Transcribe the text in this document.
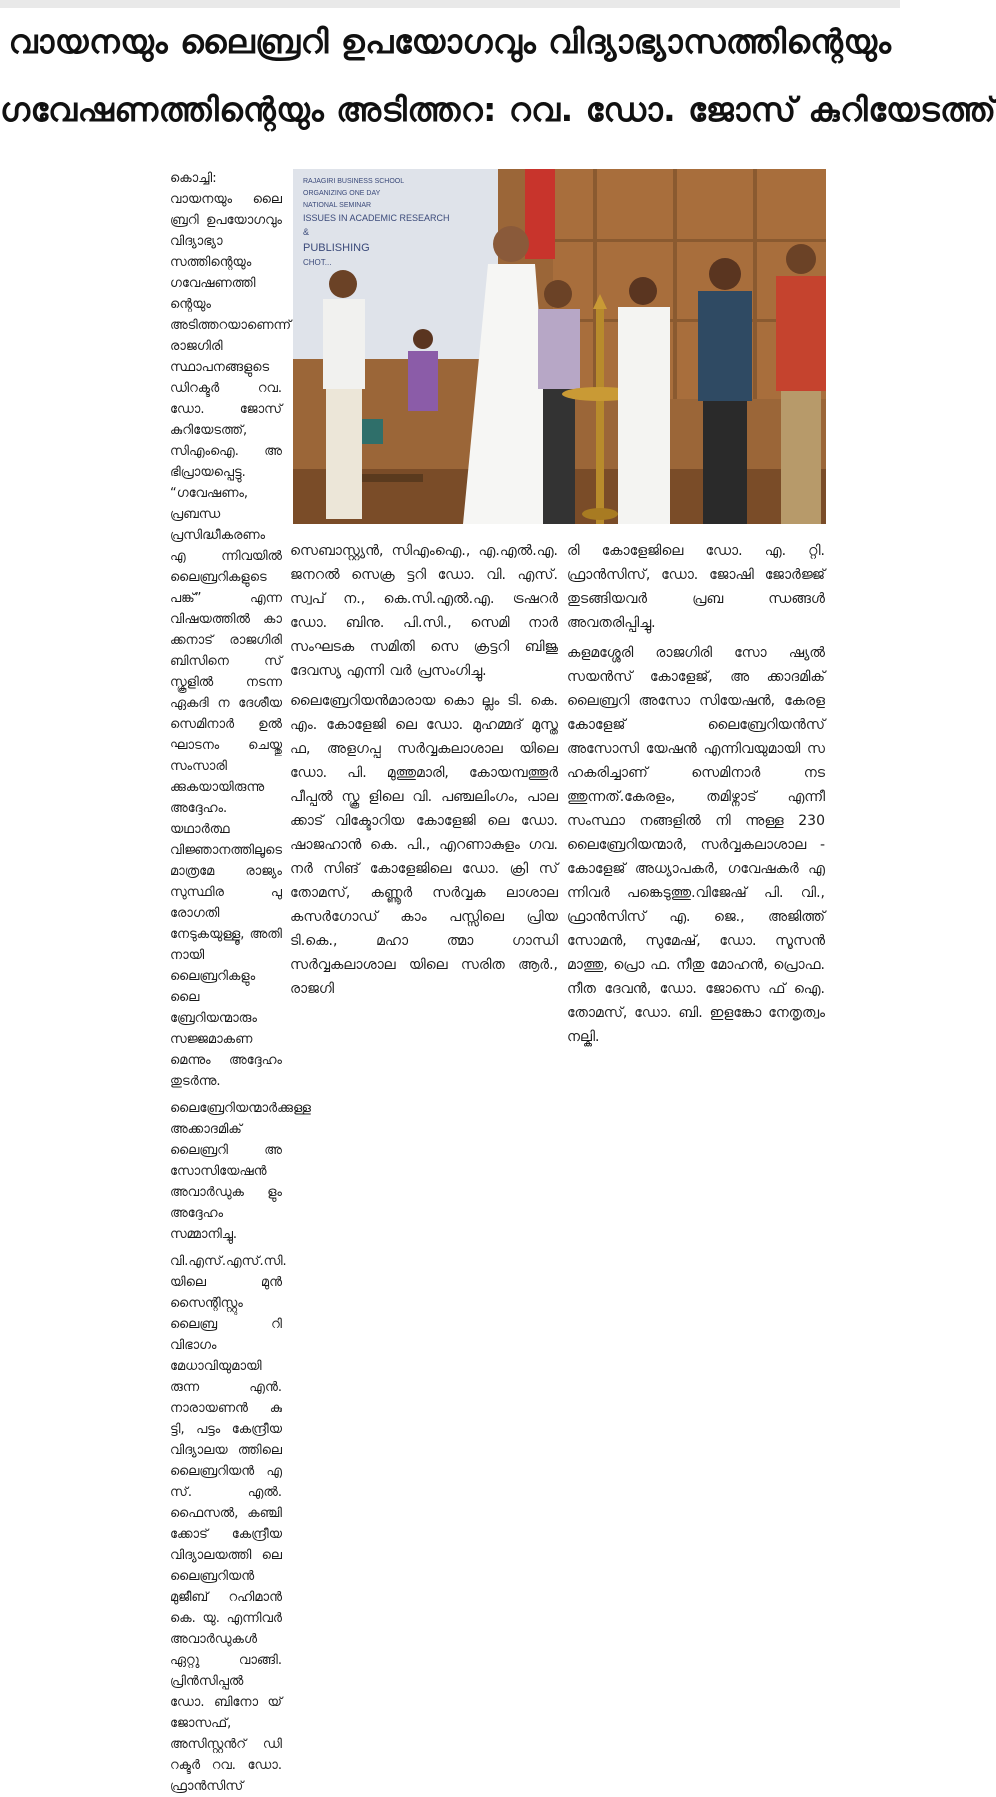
വായനയും ലൈബ്രറി ഉപയോഗവും വിദ്യാഭ്യാസത്തിന്റെയും
ഗവേഷണത്തിന്റെയും അടിത്തറ: റവ. ഡോ. ജോസ് കുറിയേടത്ത്
RAJAGIRI BUSINESS SCHOOL
ORGANIZING ONE DAY
NATIONAL SEMINAR
ISSUES IN ACADEMIC RESEARCH
&
PUBLISHING
CHOT...

കൊച്ചി: വായനയും ലൈ ബ്രറി ഉപയോഗവും വിദ്യാഭ്യാ സത്തിന്റെയും ഗവേഷണത്തി ന്റെയും അടിത്തറയാണെന്ന് രാജഗിരി സ്ഥാപനങ്ങളുടെ ഡിറക്ടർ റവ. ഡോ. ജോസ് കുറിയേടത്ത്, സിഎംഐ. അ ഭിപ്രായപ്പെട്ടു. “ഗവേഷണം, പ്രബന്ധ പ്രസിദ്ധീകരണം എ ന്നിവയിൽ ലൈബ്രറികളുടെ പങ്ക്” എന്ന വിഷയത്തിൽ കാ ക്കനാട് രാജഗിരി ബിസിനെ സ് സ്കൂളിൽ നടന്ന ഏകദി ന ദേശീയ സെമിനാർ ഉൽ ഘാടനം ചെയ്തു സംസാരി ക്കുകയായിരുന്നു അദ്ദേഹം. യഥാർത്ഥ വിജ്ഞാനത്തിലൂടെ മാത്രമേ രാജ്യം സുസ്ഥിര പു രോഗതി നേടുകയുള്ളൂ, അതി നായി ലൈബ്രറികളും ലൈ ബ്രേറിയന്മാരും സജ്ജമാകണ മെന്നും അദ്ദേഹം തുടർന്നു.

ലൈബ്രേറിയന്മാർക്കുള്ള അക്കാദമിക് ലൈബ്രറി അ സോസിയേഷൻ അവാർഡുക ളും അദ്ദേഹം സമ്മാനിച്ചു.

വി.എസ്.എസ്.സി. യിലെ മുൻ സൈന്റിസ്റ്റും ലൈബ്ര റി വിഭാഗം മേധാവിയുമായി രുന്ന എൻ. നാരായണൻ കു ട്ടി, പട്ടം കേന്ദ്രീയ വിദ്യാലയ ത്തിലെ ലൈബ്രറിയൻ എ സ്. എൽ. ഫൈസൽ, കഞ്ചി ക്കോട് കേന്ദ്രീയ വിദ്യാലയത്തി ലെ ലൈബ്രറിയൻ മുജീബ് റഹിമാൻ കെ. യു. എന്നിവർ അവാർഡുകൾ ഏറ്റു വാങ്ങി. പ്രിൻസിപ്പൽ ഡോ. ബിനോ യ് ജോസഫ്, അസിസ്റ്റൻറ് ഡി റക്ടർ റവ. ഡോ. ഫ്രാൻസിസ്

സെബാസ്റ്റ്യൻ, സിഎംഐ., എ.എൽ.എ. ജനറൽ സെക്ര ട്ടറി ഡോ. വി. എസ്. സ്വപ് ന., കെ.സി.എൽ.എ. ട്രഷറർ ഡോ. ബിനു. പി.സി., സെമി നാർ സംഘടക സമിതി സെ ക്രട്ടറി ബിജു ദേവസ്യ എന്നി വർ പ്രസംഗിച്ചു.

ലൈബ്രേറിയൻമാരായ കൊ ല്ലം ടി. കെ. എം. കോളേജി ലെ ഡോ. മുഹമ്മദ് മുസ്ത ഫ, അളഗപ്പ സർവ്വകലാശാല യിലെ ഡോ. പി. മുത്തുമാരി, കോയമ്പത്തൂർ പീപ്പൽ സ്കൂ ളിലെ വി. പഞ്ചലിംഗം, പാല ക്കാട് വിക്ടോറിയ കോളേജി ലെ ഡോ. ഷാജഹാൻ കെ. പി., എറണാകുളം ഗവ. നർ സിങ് കോളേജിലെ ഡോ. ക്രി സ് തോമസ്, കണ്ണൂർ സർവ്വക ലാശാല കസർഗോഡ് കാം പസ്സിലെ പ്രിയ ടി.കെ., മഹാ ത്മാ ഗാന്ധി സർവ്വകലാശാല യിലെ സരിത ആർ., രാജഗി

രി കോളേജിലെ ഡോ. എ. റ്റി. ഫ്രാൻസിസ്, ഡോ. ജോഷി ജോർജ്ജ് തുടങ്ങിയവർ പ്രബ ന്ധങ്ങൾ അവതരിപ്പിച്ചു.

കളമശ്ശേരി രാജഗിരി സോ ഷ്യൽ സയൻസ് കോളേജ്, അ ക്കാദമിക് ലൈബ്രറി അസോ സിയേഷൻ, കേരള കോളേജ് ലൈബ്രേറിയൻസ് അസോസി യേഷൻ എന്നിവയുമായി സ ഹകരിച്ചാണ് സെമിനാർ നട ത്തുന്നത്.കേരളം, തമിഴ്നാട് എന്നീ സംസ്ഥാ നങ്ങളിൽ നി ന്നുള്ള 230 ലൈബ്രേറിയന്മാർ, സർവ്വകലാശാല - കോളേജ് അധ്യാപകർ, ഗവേഷകർ എ ന്നിവർ പങ്കെടുത്തു.വിജേഷ് പി. വി., ഫ്രാൻസിസ് എ. ജെ., അജിത്ത് സോമൻ, സുമേഷ്, ഡോ. സൂസൻ മാത്തു, പ്രൊ ഫ. നീതു മോഹൻ, പ്രൊഫ. നീത ദേവൻ, ഡോ. ജോസെ ഫ് ഐ. തോമസ്, ഡോ. ബി. ഇളങ്കോ നേതൃത്വം നല്കി.
